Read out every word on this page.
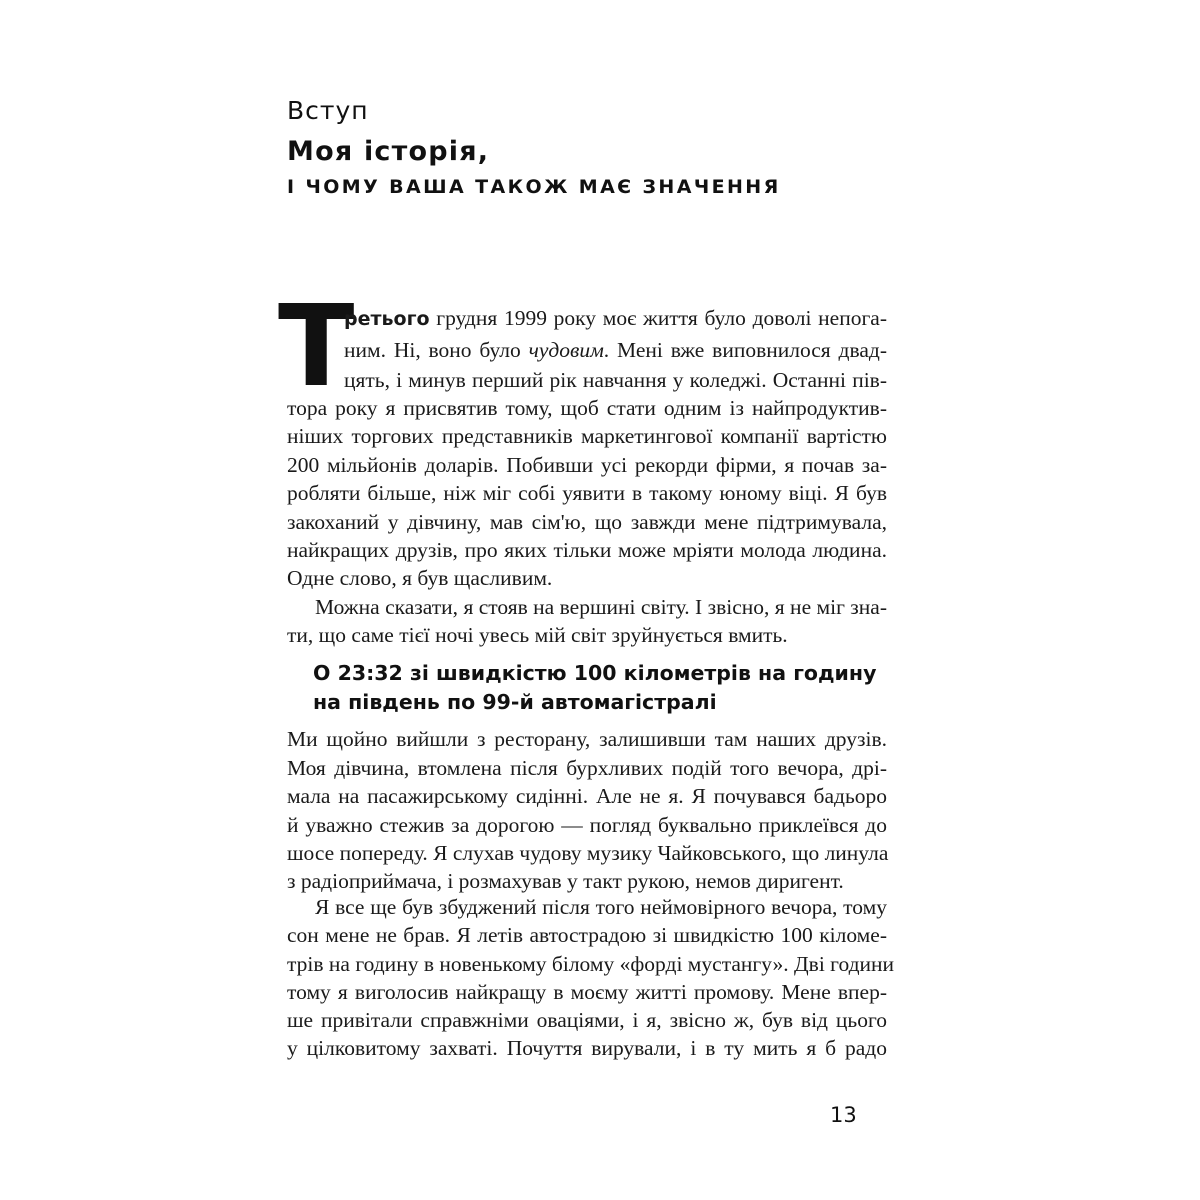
Вступ
Моя історія,
І ЧОМУ ВАША ТАКОЖ МАЄ ЗНАЧЕННЯ
Т

ретього грудня 1999 року моє життя було доволі непога-

ним. Ні, воно було чудовим. Мені вже виповнилося двад-

цять, і минув перший рік навчання у коледжі. Останні пів-

тора року я присвятив тому, щоб стати одним із найпродуктив-

ніших торгових представників маркетингової компанії вартістю

200 мільйонів доларів. Побивши усі рекорди фірми, я почав за-

робляти більше, ніж міг собі уявити в такому юному віці. Я був

закоханий у дівчину, мав сім'ю, що завжди мене підтримувала,

найкращих друзів, про яких тільки може мріяти молода людина.

Одне слово, я був щасливим.

Можна сказати, я стояв на вершині світу. І звісно, я не міг зна-

ти, що саме тієї ночі увесь мій світ зруйнується вмить.

О 23:32 зі швидкістю 100 кілометрів на годину
на південь по 99-й автомагістралі

Ми щойно вийшли з ресторану, залишивши там наших друзів.

Моя дівчина, втомлена після бурхливих подій того вечора, дрі-

мала на пасажирському сидінні. Але не я. Я почувався бадьоро

й уважно стежив за дорогою — погляд буквально приклеївся до

шосе попереду. Я слухав чудову музику Чайковського, що линула

з радіоприймача, і розмахував у такт рукою, немов диригент.

Я все ще був збуджений після того неймовірного вечора, тому

сон мене не брав. Я летів автострадою зі швидкістю 100 кіломе-

трів на годину в новенькому білому «форді мустангу». Дві години

тому я виголосив найкращу в моєму житті промову. Мене впер-

ше привітали справжніми оваціями, і я, звісно ж, був від цього

у цілковитому захваті. Почуття вирували, і в ту мить я б радо

13
